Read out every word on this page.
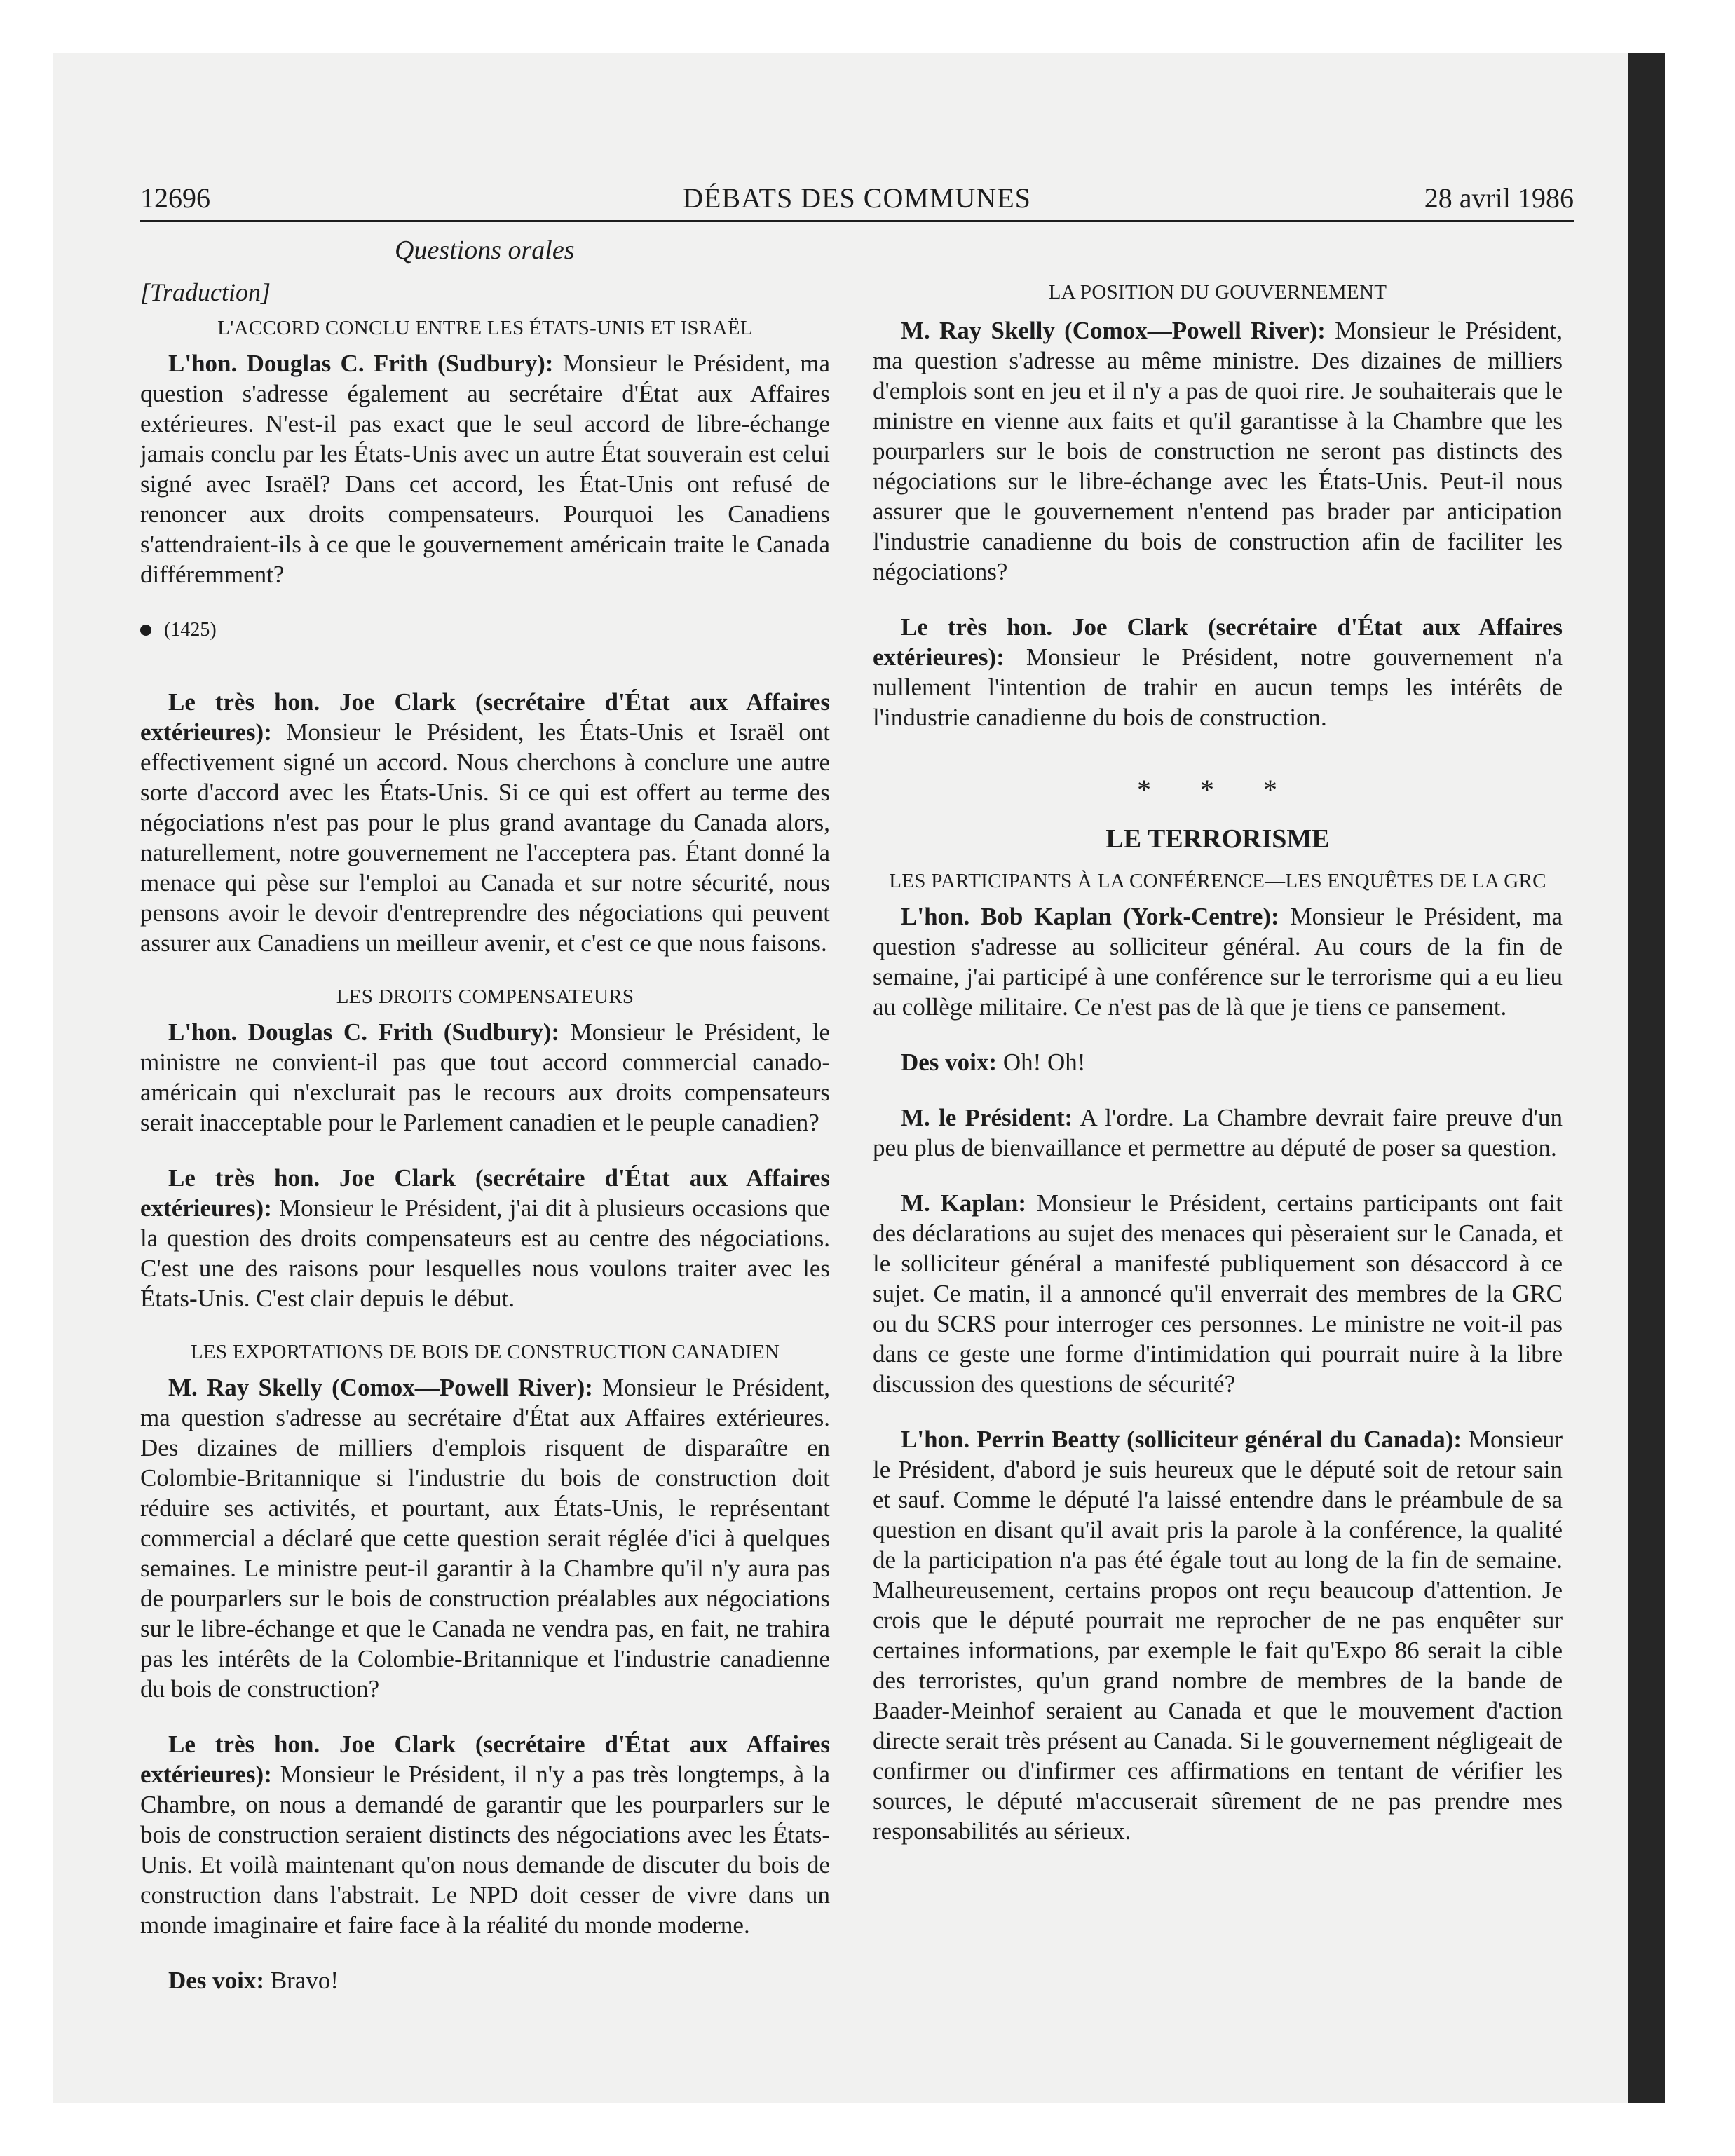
12696	DÉBATS DES COMMUNES	28 avril 1986
Questions orales
[Traduction]
L'ACCORD CONCLU ENTRE LES ÉTATS-UNIS ET ISRAËL

L'hon. Douglas C. Frith (Sudbury): Monsieur le Président, ma question s'adresse également au secrétaire d'État aux Affaires extérieures. N'est-il pas exact que le seul accord de libre-échange jamais conclu par les États-Unis avec un autre État souverain est celui signé avec Israël? Dans cet accord, les État-Unis ont refusé de renoncer aux droits compensateurs. Pourquoi les Canadiens s'attendraient-ils à ce que le gouvernement américain traite le Canada différemment?

(1425)

Le très hon. Joe Clark (secrétaire d'État aux Affaires extérieures): Monsieur le Président, les États-Unis et Israël ont effectivement signé un accord. Nous cherchons à conclure une autre sorte d'accord avec les États-Unis. Si ce qui est offert au terme des négociations n'est pas pour le plus grand avantage du Canada alors, naturellement, notre gouvernement ne l'acceptera pas. Étant donné la menace qui pèse sur l'emploi au Canada et sur notre sécurité, nous pensons avoir le devoir d'entreprendre des négociations qui peuvent assurer aux Canadiens un meilleur avenir, et c'est ce que nous faisons.

LES DROITS COMPENSATEURS

L'hon. Douglas C. Frith (Sudbury): Monsieur le Président, le ministre ne convient-il pas que tout accord commercial canado-américain qui n'exclurait pas le recours aux droits compensateurs serait inacceptable pour le Parlement canadien et le peuple canadien?

Le très hon. Joe Clark (secrétaire d'État aux Affaires extérieures): Monsieur le Président, j'ai dit à plusieurs occasions que la question des droits compensateurs est au centre des négociations. C'est une des raisons pour lesquelles nous voulons traiter avec les États-Unis. C'est clair depuis le début.

LES EXPORTATIONS DE BOIS DE CONSTRUCTION CANADIEN

M. Ray Skelly (Comox—Powell River): Monsieur le Président, ma question s'adresse au secrétaire d'État aux Affaires extérieures. Des dizaines de milliers d'emplois risquent de disparaître en Colombie-Britannique si l'industrie du bois de construction doit réduire ses activités, et pourtant, aux États-Unis, le représentant commercial a déclaré que cette question serait réglée d'ici à quelques semaines. Le ministre peut-il garantir à la Chambre qu'il n'y aura pas de pourparlers sur le bois de construction préalables aux négociations sur le libre-échange et que le Canada ne vendra pas, en fait, ne trahira pas les intérêts de la Colombie-Britannique et l'industrie canadienne du bois de construction?

Le très hon. Joe Clark (secrétaire d'État aux Affaires extérieures): Monsieur le Président, il n'y a pas très longtemps, à la Chambre, on nous a demandé de garantir que les pourparlers sur le bois de construction seraient distincts des négociations avec les États-Unis. Et voilà maintenant qu'on nous demande de discuter du bois de construction dans l'abstrait. Le NPD doit cesser de vivre dans un monde imaginaire et faire face à la réalité du monde moderne.

Des voix: Bravo!

LA POSITION DU GOUVERNEMENT

M. Ray Skelly (Comox—Powell River): Monsieur le Président, ma question s'adresse au même ministre. Des dizaines de milliers d'emplois sont en jeu et il n'y a pas de quoi rire. Je souhaiterais que le ministre en vienne aux faits et qu'il garantisse à la Chambre que les pourparlers sur le bois de construction ne seront pas distincts des négociations sur le libre-échange avec les États-Unis. Peut-il nous assurer que le gouvernement n'entend pas brader par anticipation l'industrie canadienne du bois de construction afin de faciliter les négociations?

Le très hon. Joe Clark (secrétaire d'État aux Affaires extérieures): Monsieur le Président, notre gouvernement n'a nullement l'intention de trahir en aucun temps les intérêts de l'industrie canadienne du bois de construction.

* * *
LE TERRORISME
LES PARTICIPANTS À LA CONFÉRENCE—LES ENQUÊTES DE LA GRC

L'hon. Bob Kaplan (York-Centre): Monsieur le Président, ma question s'adresse au solliciteur général. Au cours de la fin de semaine, j'ai participé à une conférence sur le terrorisme qui a eu lieu au collège militaire. Ce n'est pas de là que je tiens ce pansement.

Des voix: Oh! Oh!

M. le Président: A l'ordre. La Chambre devrait faire preuve d'un peu plus de bienvaillance et permettre au député de poser sa question.

M. Kaplan: Monsieur le Président, certains participants ont fait des déclarations au sujet des menaces qui pèseraient sur le Canada, et le solliciteur général a manifesté publiquement son désaccord à ce sujet. Ce matin, il a annoncé qu'il enverrait des membres de la GRC ou du SCRS pour interroger ces personnes. Le ministre ne voit-il pas dans ce geste une forme d'intimidation qui pourrait nuire à la libre discussion des questions de sécurité?

L'hon. Perrin Beatty (solliciteur général du Canada): Monsieur le Président, d'abord je suis heureux que le député soit de retour sain et sauf. Comme le député l'a laissé entendre dans le préambule de sa question en disant qu'il avait pris la parole à la conférence, la qualité de la participation n'a pas été égale tout au long de la fin de semaine. Malheureusement, certains propos ont reçu beaucoup d'attention. Je crois que le député pourrait me reprocher de ne pas enquêter sur certaines informations, par exemple le fait qu'Expo 86 serait la cible des terroristes, qu'un grand nombre de membres de la bande de Baader-Meinhof seraient au Canada et que le mouvement d'action directe serait très présent au Canada. Si le gouvernement négligeait de confirmer ou d'infirmer ces affirmations en tentant de vérifier les sources, le député m'accuserait sûrement de ne pas prendre mes responsabilités au sérieux.
